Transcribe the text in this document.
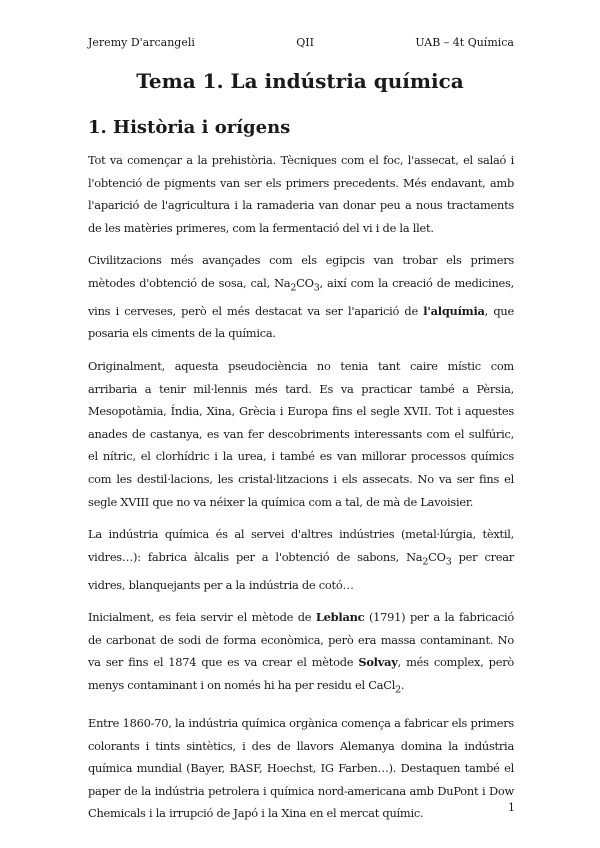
Jeremy D'arcangeli	QII	UAB – 4t Química
Tema 1. La indústria química
1. Història i orígens

Tot va començar a la prehistòria. Tècniques com el foc, l'assecat, el salaó i l'obtenció de pigments van ser els primers precedents. Més endavant, amb l'aparició de l'agricultura i la ramaderia van donar peu a nous tractaments de les matèries primeres, com la fermentació del vi i de la llet.

Civilitzacions més avançades com els egipcis van trobar els primers mètodes d'obtenció de sosa, cal, $Na_2CO_3$, així com la creació de medicines, vins i cerveses, però el més destacat va ser l'aparició de l'alquímia, que posaria els ciments de la química.

Originalment, aquesta pseudociència no tenia tant caire místic com arribaria a tenir mil·lennis més tard. Es va practicar també a Pèrsia, Mesopotàmia, Índia, Xina, Grècia i Europa fins el segle XVII. Tot i aquestes anades de castanya, es van fer descobriments interessants com el sulfúric, el nítric, el clorhídric i la urea, i també es van millorar processos químics com les destil·lacions, les cristal·litzacions i els assecats. No va ser fins el segle XVIII que no va néixer la química com a tal, de mà de Lavoisier.

La indústria química és al servei d'altres indústries (metal·lúrgia, tèxtil, vidres…): fabrica àlcalis per a l'obtenció de sabons, $Na_2CO_3$ per crear vidres, blanquejants per a la indústria de cotó…

Inicialment, es feia servir el mètode de Leblanc (1791) per a la fabricació de carbonat de sodi de forma econòmica, però era massa contaminant. No va ser fins el 1874 que es va crear el mètode Solvay, més complex, però menys contaminant i on només hi ha per residu el CaCl$_2$.

Entre 1860-70, la indústria química orgànica comença a fabricar els primers colorants i tints sintètics, i des de llavors Alemanya domina la indústria química mundial (Bayer, BASF, Hoechst, IG Farben…). Destaquen també el paper de la indústria petrolera i química nord-americana amb DuPont i Dow Chemicals i la irrupció de Japó i la Xina en el mercat químic.	1
